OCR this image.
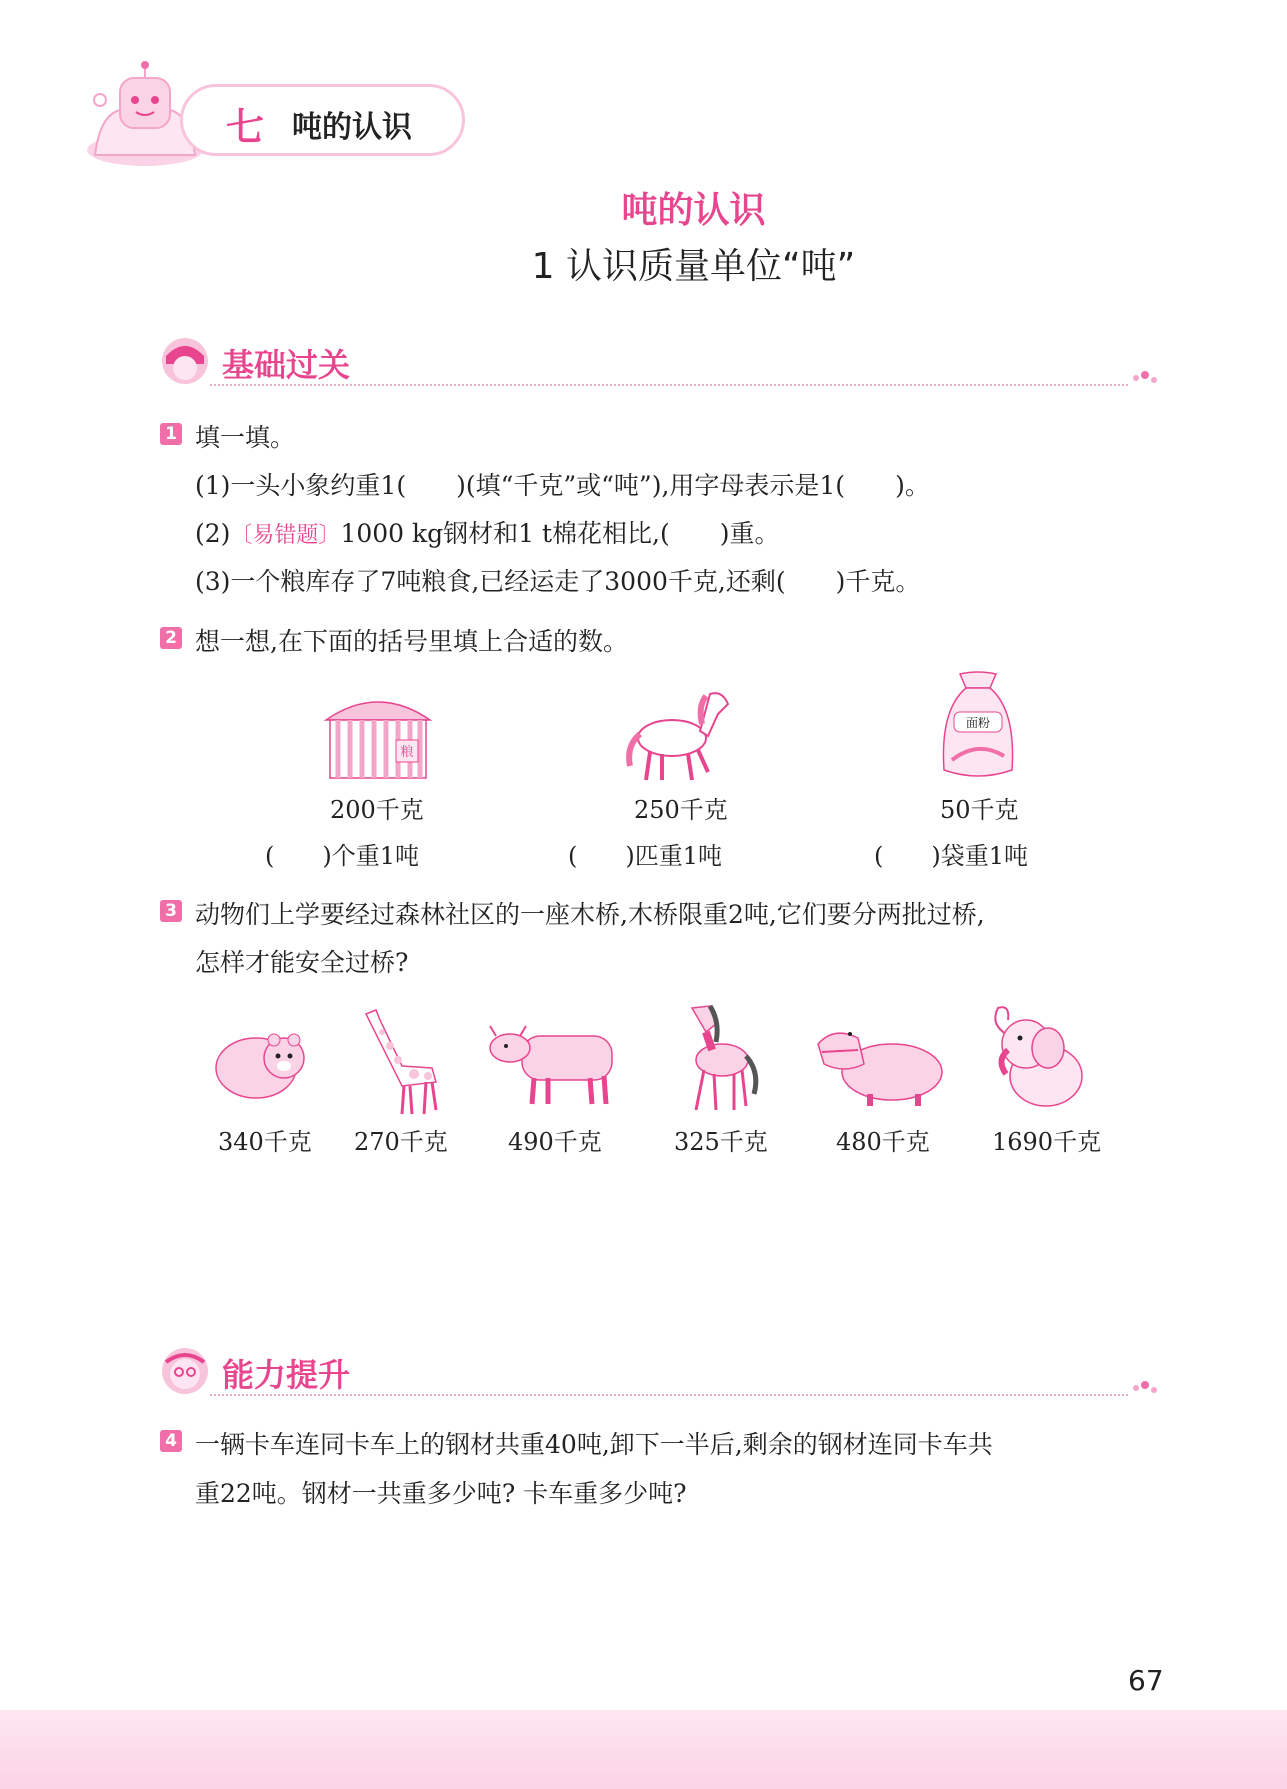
七 吨的认识
吨的认识
1 认识质量单位“吨”
基础过关
1 填一填。
(1)一头小象约重1(　　)(填“千克”或“吨”),用字母表示是1(　　)。
(2)〔易错题〕1000 kg钢材和1 t棉花相比,(　　)重。
(3)一个粮库存了7吨粮食,已经运走了3000千克,还剩(　　)千克。
2 想一想,在下面的括号里填上合适的数。
粮
200千克
(　　)个重1吨
250千克
(　　)匹重1吨
面粉
50千克
(　　)袋重1吨
3 动物们上学要经过森林社区的一座木桥,木桥限重2吨,它们要分两批过桥,
怎样才能安全过桥?
340千克 270千克	490千克	325千克	480千克	1690千克
能力提升
4 一辆卡车连同卡车上的钢材共重40吨,卸下一半后,剩余的钢材连同卡车共
重22吨。钢材一共重多少吨? 卡车重多少吨?
67
